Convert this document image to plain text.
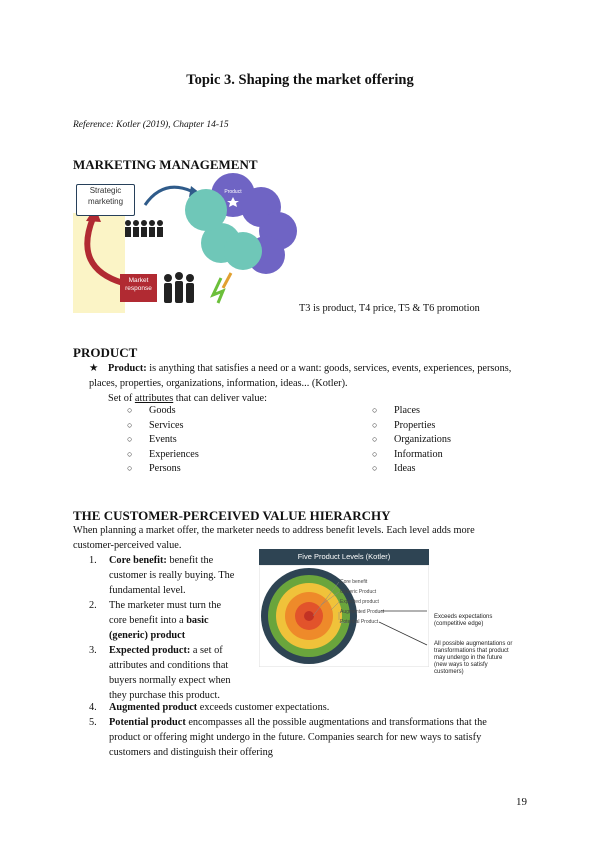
Topic 3. Shaping the market offering
Reference: Kotler (2019), Chapter 14-15
MARKETING MANAGEMENT
Product
Strategic marketing
Market response
T3 is product, T4 price, T5 & T6 promotion
PRODUCT
★ Product: is anything that satisfies a need or a want: goods, services, events, experiences, persons, places, properties, organizations, information, ideas... (Kotler).
Set of attributes that can deliver value:
○ Goods
○ Services
○ Events
○ Experiences
○ Persons
○ Places
○ Properties
○ Organizations
○ Information
○ Ideas
THE CUSTOMER-PERCEIVED VALUE HIERARCHY
When planning a market offer, the marketer needs to address benefit levels. Each level adds more
customer-perceived value.
1. Core benefit: benefit the
customer is really buying. The
fundamental level.
2. The marketer must turn the
core benefit into a basic
(generic) product
3. Expected product: a set of
attributes and conditions that
buyers normally expect when
they purchase this product.
4. Augmented product exceeds customer expectations.
5. Potential product encompasses all the possible augmentations and transformations that the
product or offering might undergo in the future. Companies search for new ways to satisfy
customers and distinguish their offering
Five Product Levels (Kotler)
Core benefit
Generic Product
Expected product
Augmented Product
Potential Product
Exceeds expectations
(competitive edge)
All possible augmentations or
transformations that product
may undergo in the future
(new ways to satisfy
customers)
19
